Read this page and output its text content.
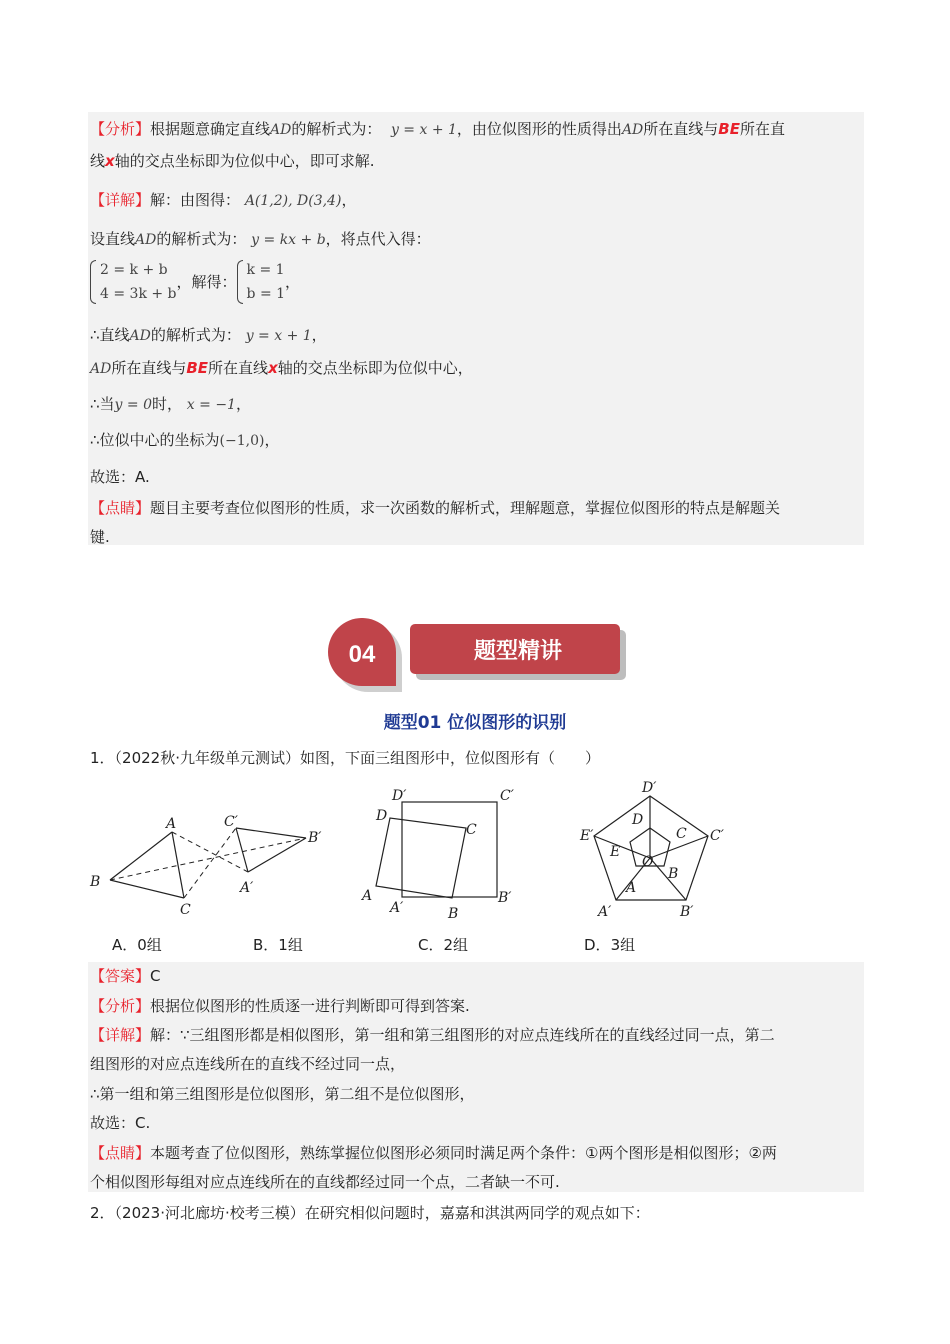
【分析】根据题意确定直线AD的解析式为： y = x + 1，由位似图形的性质得出AD所在直线与BE所在直
线x轴的交点坐标即为位似中心，即可求解.
【详解】解：由图得： A(1,2), D(3,4)，
设直线AD的解析式为： y = kx + b，将点代入得：
2 = k + b
4 = 3k + b
，解得：
k = 1
b = 1
，
∴直线AD的解析式为： y = x + 1，
AD所在直线与BE所在直线x轴的交点坐标即为位似中心，
∴当y = 0时， x = −1，
∴位似中心的坐标为(−1,0)，
故选：A.
【点睛】题目主要考查位似图形的性质，求一次函数的解析式，理解题意，掌握位似图形的特点是解题关
键.
04	题型精讲
题型01 位似图形的识别
1．（2022秋·九年级单元测试）如图，下面三组图形中，位似图形有（　　）
A	C′
B′
B
C
A′
D′	C′
D
C
A
A′	B
B′
D′
D
E′	C C′
E
O
B
A
A′	B′
A．0组	B．1组	C．2组	D．3组
【答案】C
【分析】根据位似图形的性质逐一进行判断即可得到答案.
【详解】解：∵三组图形都是相似图形，第一组和第三组图形的对应点连线所在的直线经过同一点，第二
组图形的对应点连线所在的直线不经过同一点，
∴第一组和第三组图形是位似图形，第二组不是位似图形，
故选：C.
【点睛】本题考查了位似图形，熟练掌握位似图形必须同时满足两个条件：①两个图形是相似图形；②两
个相似图形每组对应点连线所在的直线都经过同一个点，二者缺一不可.
2．（2023·河北廊坊·校考三模）在研究相似问题时，嘉嘉和淇淇两同学的观点如下：
